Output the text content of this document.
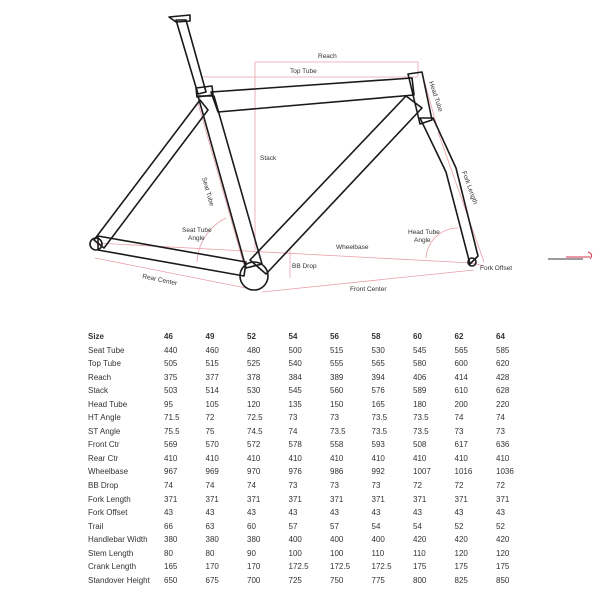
Reach
Top Tube
Head Tube
Stack
Seat Tube	Fork Length
Seat Tube
Angle
Head Tube
Angle
Wheelbase
BB Drop	Fork Offset
Rear Center
Front Center
Size	46	49	52	54	56	58	60	62	64
Seat Tube	440	460	480	500	515	530	545	565	585
Top Tube	505	515	525	540	555	565	580	600	620
Reach	375	377	378	384	389	394	406	414	428
Stack	503	514	530	545	560	576	589	610	628
Head Tube	95	105	120	135	150	165	180	200	220
HT Angle	71.5	72	72.5	73	73	73.5	73.5	74	74
ST Angle	75.5	75	74.5	74	73.5	73.5	73.5	73	73
Front Ctr	569	570	572	578	558	593	508	617	636
Rear Ctr	410	410	410	410	410	410	410	410	410
Wheelbase	967	969	970	976	986	992	1007	1016	1036
BB Drop	74	74	74	73	73	73	72	72	72
Fork Length	371	371	371	371	371	371	371	371	371
Fork Offset	43	43	43	43	43	43	43	43	43
Trail	66	63	60	57	57	54	54	52	52
Handlebar Width	380	380	380	400	400	400	420	420	420
Stem Length	80	80	90	100	100	110	110	120	120
Crank Length	165	170	170	172.5	172.5	172.5	175	175	175
Standover Height	650	675	700	725	750	775	800	825	850
